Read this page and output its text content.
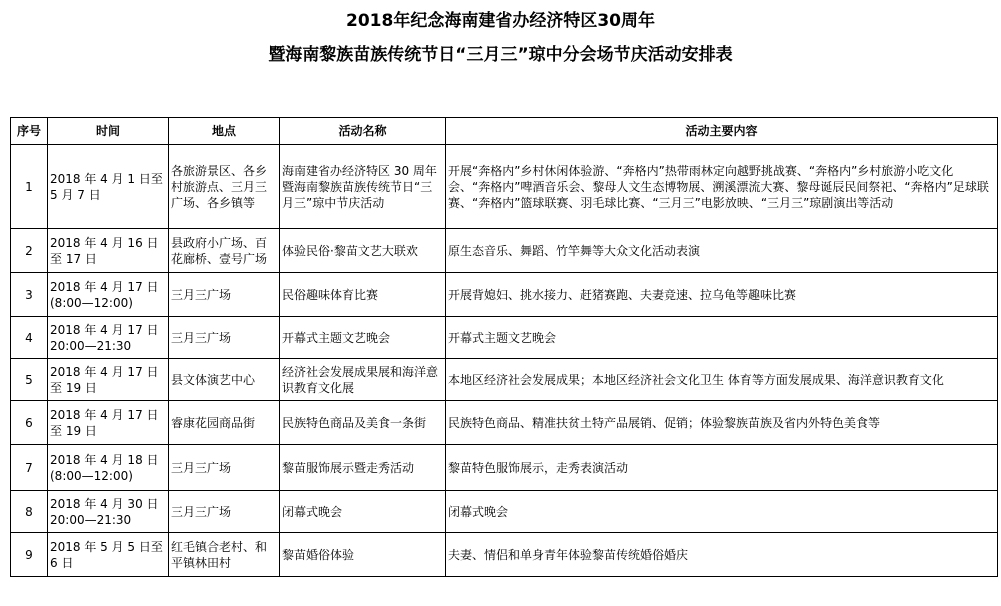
2018年纪念海南建省办经济特区30周年
暨海南黎族苗族传统节日“三月三”琼中分会场节庆活动安排表
序号	时间	地点	活动名称	活动主要内容
1	2018 年 4 月 1 日至 5 月 7 日	各旅游景区、各乡村旅游点、三月三广场、各乡镇等	海南建省办经济特区 30 周年暨海南黎族苗族传统节日“三月三”琼中节庆活动	开展“奔格内”乡村休闲体验游、“奔格内”热带雨林定向越野挑战赛、“奔格内”乡村旅游小吃文化会、“奔格内”啤酒音乐会、黎母人文生态博物展、溯溪漂流大赛、黎母诞辰民间祭祀、“奔格内”足球联赛、“奔格内”篮球联赛、羽毛球比赛、“三月三”电影放映、“三月三”琼剧演出等活动
2	2018 年 4 月 16 日至 17 日	县政府小广场、百花廊桥、壹号广场	体验民俗·黎苗文艺大联欢	原生态音乐、舞蹈、竹竿舞等大众文化活动表演
3	2018 年 4 月 17 日(8:00—12:00)	三月三广场	民俗趣味体育比赛	开展背媳妇、挑水接力、赶猪赛跑、夫妻竞速、拉乌龟等趣味比赛
4	2018 年 4 月 17 日 20:00—21:30	三月三广场	开幕式主题文艺晚会	开幕式主题文艺晚会
5	2018 年 4 月 17 日至 19 日	县文体演艺中心	经济社会发展成果展和海洋意识教育文化展	本地区经济社会发展成果；本地区经济社会文化卫生 体育等方面发展成果、海洋意识教育文化
6	2018 年 4 月 17 日至 19 日	睿康花园商品街	民族特色商品及美食一条街	民族特色商品、精准扶贫土特产品展销、促销；体验黎族苗族及省内外特色美食等
7	2018 年 4 月 18 日(8:00—12:00)	三月三广场	黎苗服饰展示暨走秀活动	黎苗特色服饰展示，走秀表演活动
8	2018 年 4 月 30 日 20:00—21:30	三月三广场	闭幕式晚会	闭幕式晚会
9	2018 年 5 月 5 日至 6 日	红毛镇合老村、和平镇林田村	黎苗婚俗体验	夫妻、情侣和单身青年体验黎苗传统婚俗婚庆
